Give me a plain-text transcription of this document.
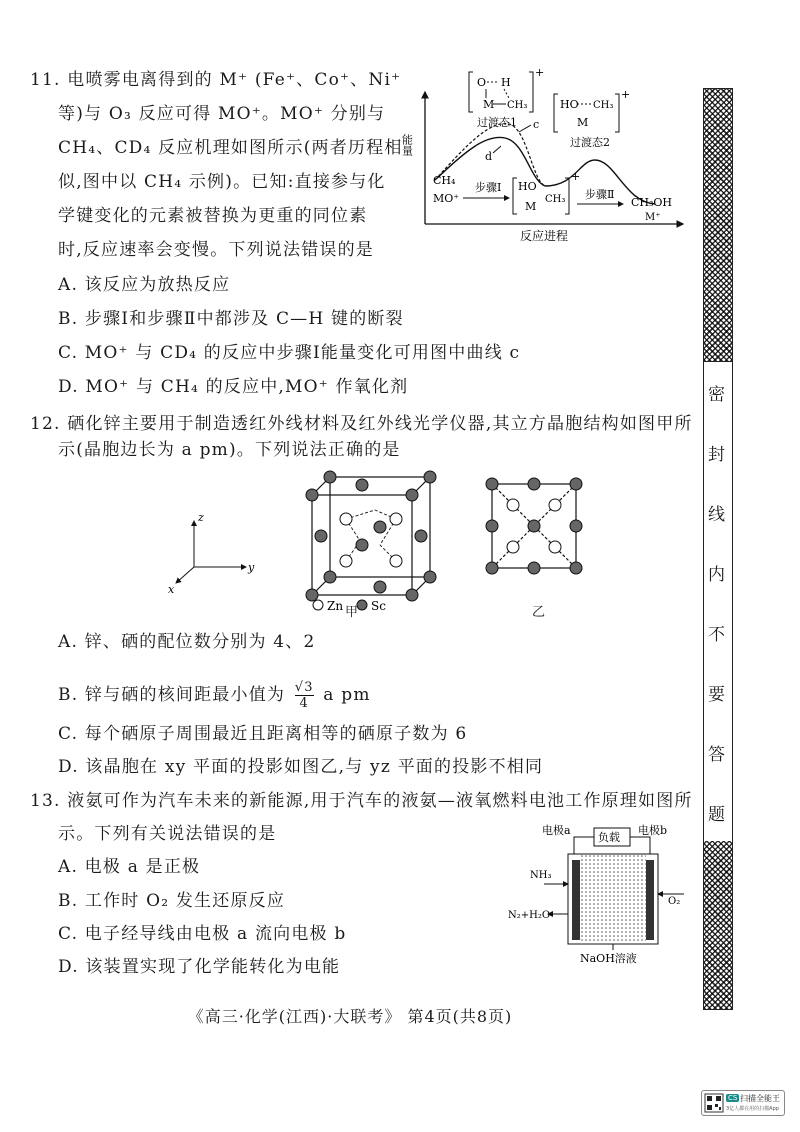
11. 电喷雾电离得到的 M⁺ (Fe⁺、Co⁺、Ni⁺
等)与 O₃ 反应可得 MO⁺。MO⁺ 分别与
CH₄、CD₄ 反应机理如图所示(两者历程相
似,图中以 CH₄ 示例)。已知:直接参与化
学键变化的元素被替换为更重的同位素
时,反应速率会变慢。下列说法错误的是
A. 该反应为放热反应
B. 步骤Ⅰ和步骤Ⅱ中都涉及 C—H 键的断裂
C. MO⁺ 与 CD₄ 的反应中步骤Ⅰ能量变化可用图中曲线 c
D. MO⁺ 与 CH₄ 的反应中,MO⁺ 作氧化剂
能量
反应进程
O H
M CH₃
+
过渡态1
HO CH₃
M
+
过渡态2
c
d
CH₄
MO⁺
步骤Ⅰ HO
CH₃
M
+
步骤Ⅱ
CH₃OH
M⁺
12. 硒化锌主要用于制造透红外线材料及红外线光学仪器,其立方晶胞结构如图甲所
示(晶胞边长为 a pm)。下列说法正确的是
z
y
x
Zn Sc
甲	乙
A. 锌、硒的配位数分别为 4、2
B. 锌与硒的核间距最小值为 $\frac{√3}{4}$ a pm
C. 每个硒原子周围最近且距离相等的硒原子数为 6
D. 该晶胞在 xy 平面的投影如图乙,与 yz 平面的投影不相同
13. 液氨可作为汽车未来的新能源,用于汽车的液氨—液氧燃料电池工作原理如图所
示。下列有关说法错误的是
A. 电极 a 是正极
B. 工作时 O₂ 发生还原反应
C. 电子经导线由电极 a 流向电极 b
D. 该装置实现了化学能转化为电能
电极a	电极b
负载
NH₃
N₂+H₂O
O₂
NaOH溶液
密
封
线
内
不
要
答
题
《高三·化学(江西)·大联考》 第4页(共8页)
CS 扫描全能王
3亿人都在用的扫描App
